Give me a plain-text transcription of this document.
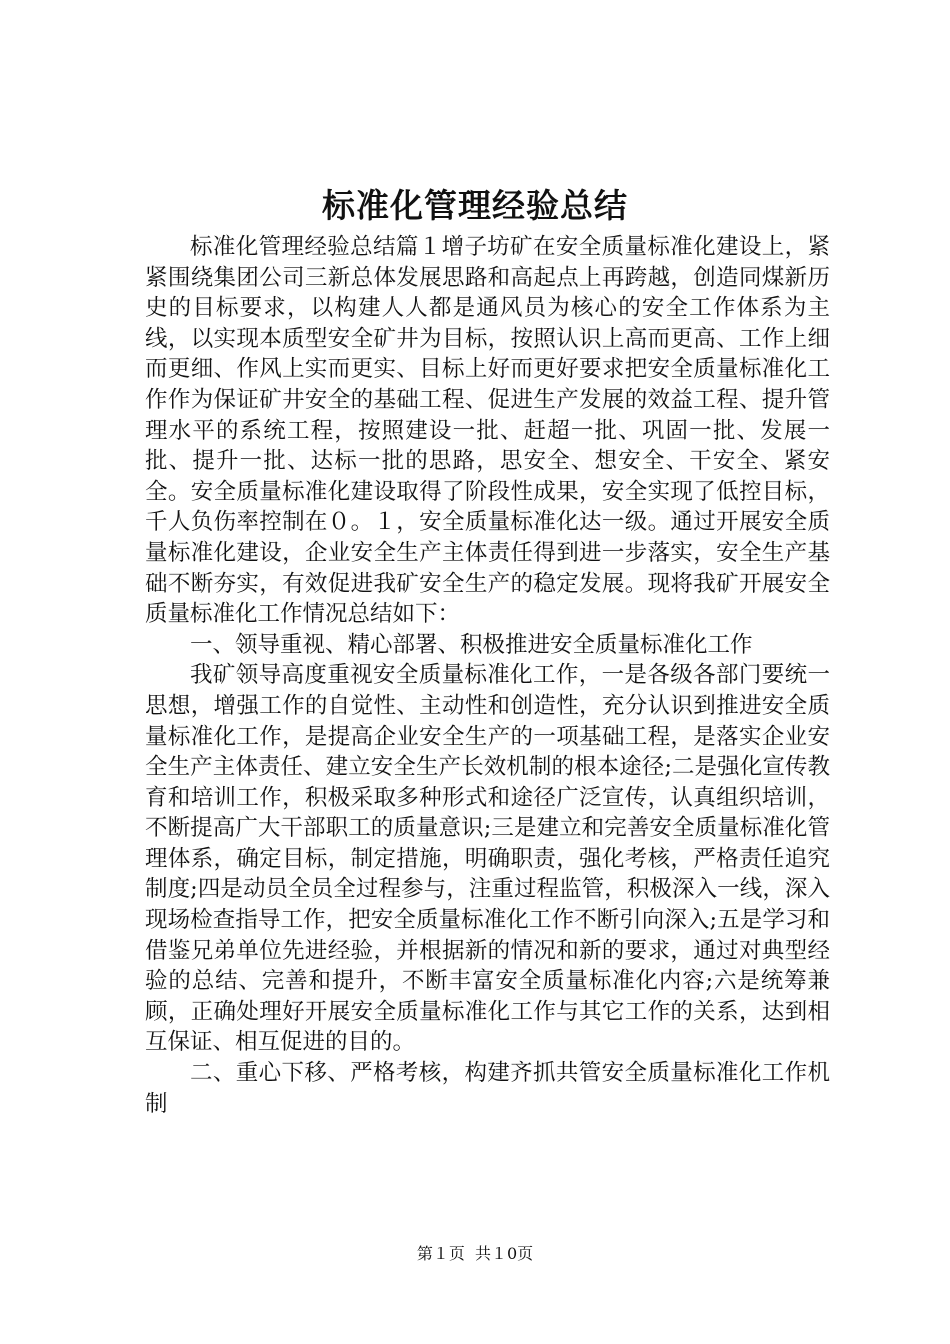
标准化管理经验总结

标准化管理经验总结篇１增子坊矿在安全质量标准化建设上，紧紧围绕集团公司三新总体发展思路和高起点上再跨越，创造同煤新历史的目标要求，以构建人人都是通风员为核心的安全工作体系为主线，以实现本质型安全矿井为目标，按照认识上高而更高、工作上细而更细、作风上实而更实、目标上好而更好要求把安全质量标准化工作作为保证矿井安全的基础工程、促进生产发展的效益工程、提升管理水平的系统工程，按照建设一批、赶超一批、巩固一批、发展一批、提升一批、达标一批的思路，思安全、想安全、干安全、紧安全。安全质量标准化建设取得了阶段性成果，安全实现了低控目标，千人负伤率控制在０。１，安全质量标准化达一级。通过开展安全质量标准化建设，企业安全生产主体责任得到进一步落实，安全生产基础不断夯实，有效促进我矿安全生产的稳定发展。现将我矿开展安全质量标准化工作情况总结如下：

一、领导重视、精心部署、积极推进安全质量标准化工作

我矿领导高度重视安全质量标准化工作，一是各级各部门要统一思想，增强工作的自觉性、主动性和创造性，充分认识到推进安全质量标准化工作，是提高企业安全生产的一项基础工程，是落实企业安全生产主体责任、建立安全生产长效机制的根本途径;二是强化宣传教育和培训工作，积极采取多种形式和途径广泛宣传，认真组织培训，不断提高广大干部职工的质量意识;三是建立和完善安全质量标准化管理体系，确定目标，制定措施，明确职责，强化考核，严格责任追究制度;四是动员全员全过程参与，注重过程监管，积极深入一线，深入现场检查指导工作，把安全质量标准化工作不断引向深入;五是学习和借鉴兄弟单位先进经验，并根据新的情况和新的要求，通过对典型经验的总结、完善和提升，不断丰富安全质量标准化内容;六是统筹兼顾，正确处理好开展安全质量标准化工作与其它工作的关系，达到相互保证、相互促进的目的。

二、重心下移、严格考核，构建齐抓共管安全质量标准化工作机制

第１页  共１0页
